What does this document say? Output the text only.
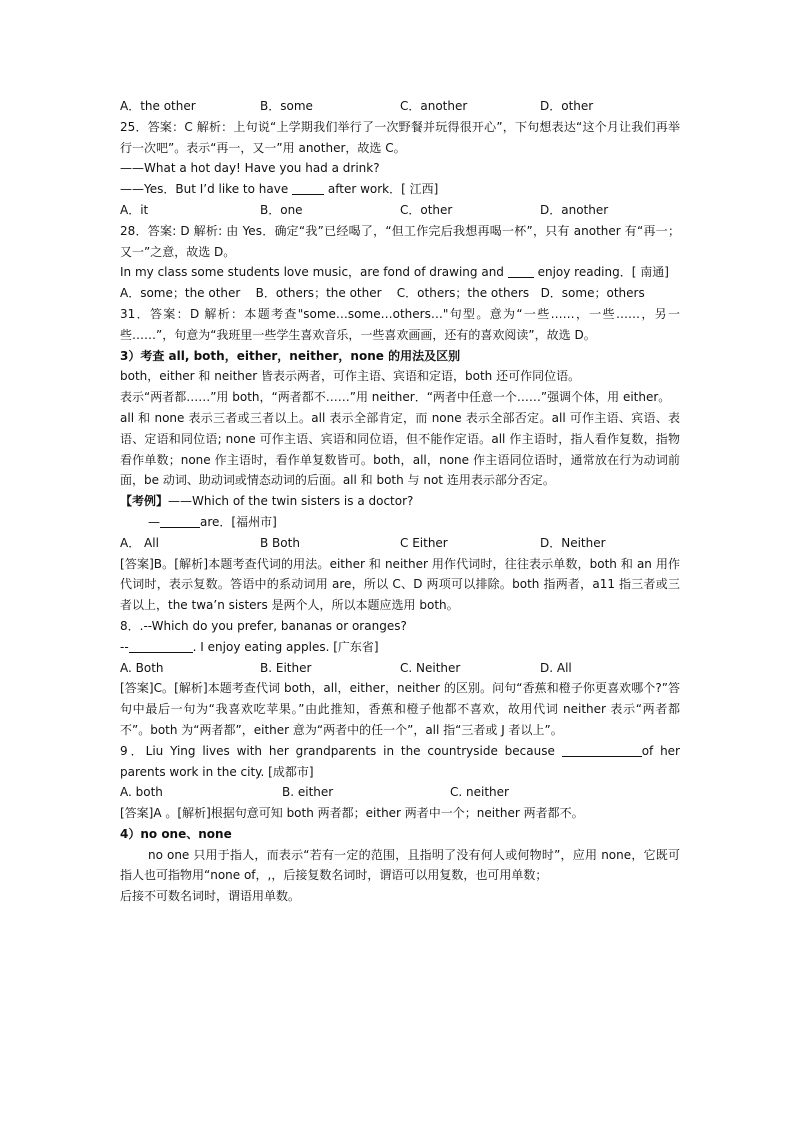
A．the other	B．some	C．another	D．other
25．答案：C 解析：上句说“上学期我们举行了一次野餐并玩得很开心”，下句想表达“这个月让我们再举行一次吧”。表示“再一，又一”用 another，故选 C。
——What a hot day! Have you had a drink?
——Yes．But I’d like to have	after work．[ 江西]
A．it	B．one	C．other	D．another
28．答案: D 解析: 由 Yes．确定“我”已经喝了，“但工作完后我想再喝一杯”，只有 another 有“再一；又一”之意，故选 D。
In my class some students love music，are fond of drawing and	enjoy reading．[ 南通]
A．some；the other    B．others；the other    C．others；the others   D．some；others
31．答案：D 解析：本题考查"some…some…others…"句型。意为“一些……，一些……，另一些……”，句意为“我班里一些学生喜欢音乐，一些喜欢画画，还有的喜欢阅读”，故选 D。
3）考查 all, both，either，neither，none 的用法及区别
both，either 和 neither 皆表示两者，可作主语、宾语和定语，both 还可作同位语。
表示“两者都……”用 both，“两者都不……”用 neither．“两者中任意一个……”强调个体，用 either。
all 和 none 表示三者或三者以上。all 表示全部肯定，而 none 表示全部否定。all 可作主语、宾语、表语、定语和同位语; none 可作主语、宾语和同位语，但不能作定语。all 作主语时，指人看作复数，指物看作单数；none 作主语时，看作单复数皆可。both，all，none 作主语同位语时，通常放在行为动词前面，be 动词、助动词或情态动词的后面。all 和 both 与 not 连用表示部分否定。
【考例】——Which of the twin sisters is a doctor?
—	are．[福州市]
A． All	B Both	C Either	D．Neither
[答案]B。[解析]本题考查代词的用法。either 和 neither 用作代词时，往往表示单数，both 和 an 用作代词时，表示复数。答语中的系动词用 are，所以 C、D 两项可以排除。both 指两者，a11 指三者或三者以上，the twa’n sisters 是两个人，所以本题应选用 both。
8．.--Which do you prefer, bananas or oranges?
--	. I enjoy eating apples. [广东省]
A. Both	B. Either	C. Neither	D. All
[答案]C。[解析]本题考查代词 both，all，either，neither 的区别。问句“香蕉和橙子你更喜欢哪个?”答句中最后一句为“我喜欢吃苹果。”由此推知，香蕉和橙子他都不喜欢，故用代词 neither 表示“两者都不”。both 为“两者都”，either 意为“两者中的任一个”，all 指“三者或 J 者以上”。
9．Liu Ying lives with her grandparents in the countryside because	of her parents work in the city. [成都市]
A. both	B. either	C. neither
[答案]A 。[解析]根据句意可知 both 两者都；either 两者中一个；neither 两者都不。
4）no one、none
no one 只用于指人，而表示“若有一定的范围，且指明了没有何人或何物时”，应用 none，它既可指人也可指物用“none of，,，后接复数名词时，谓语可以用复数，也可用单数；
后接不可数名词时，谓语用单数。
